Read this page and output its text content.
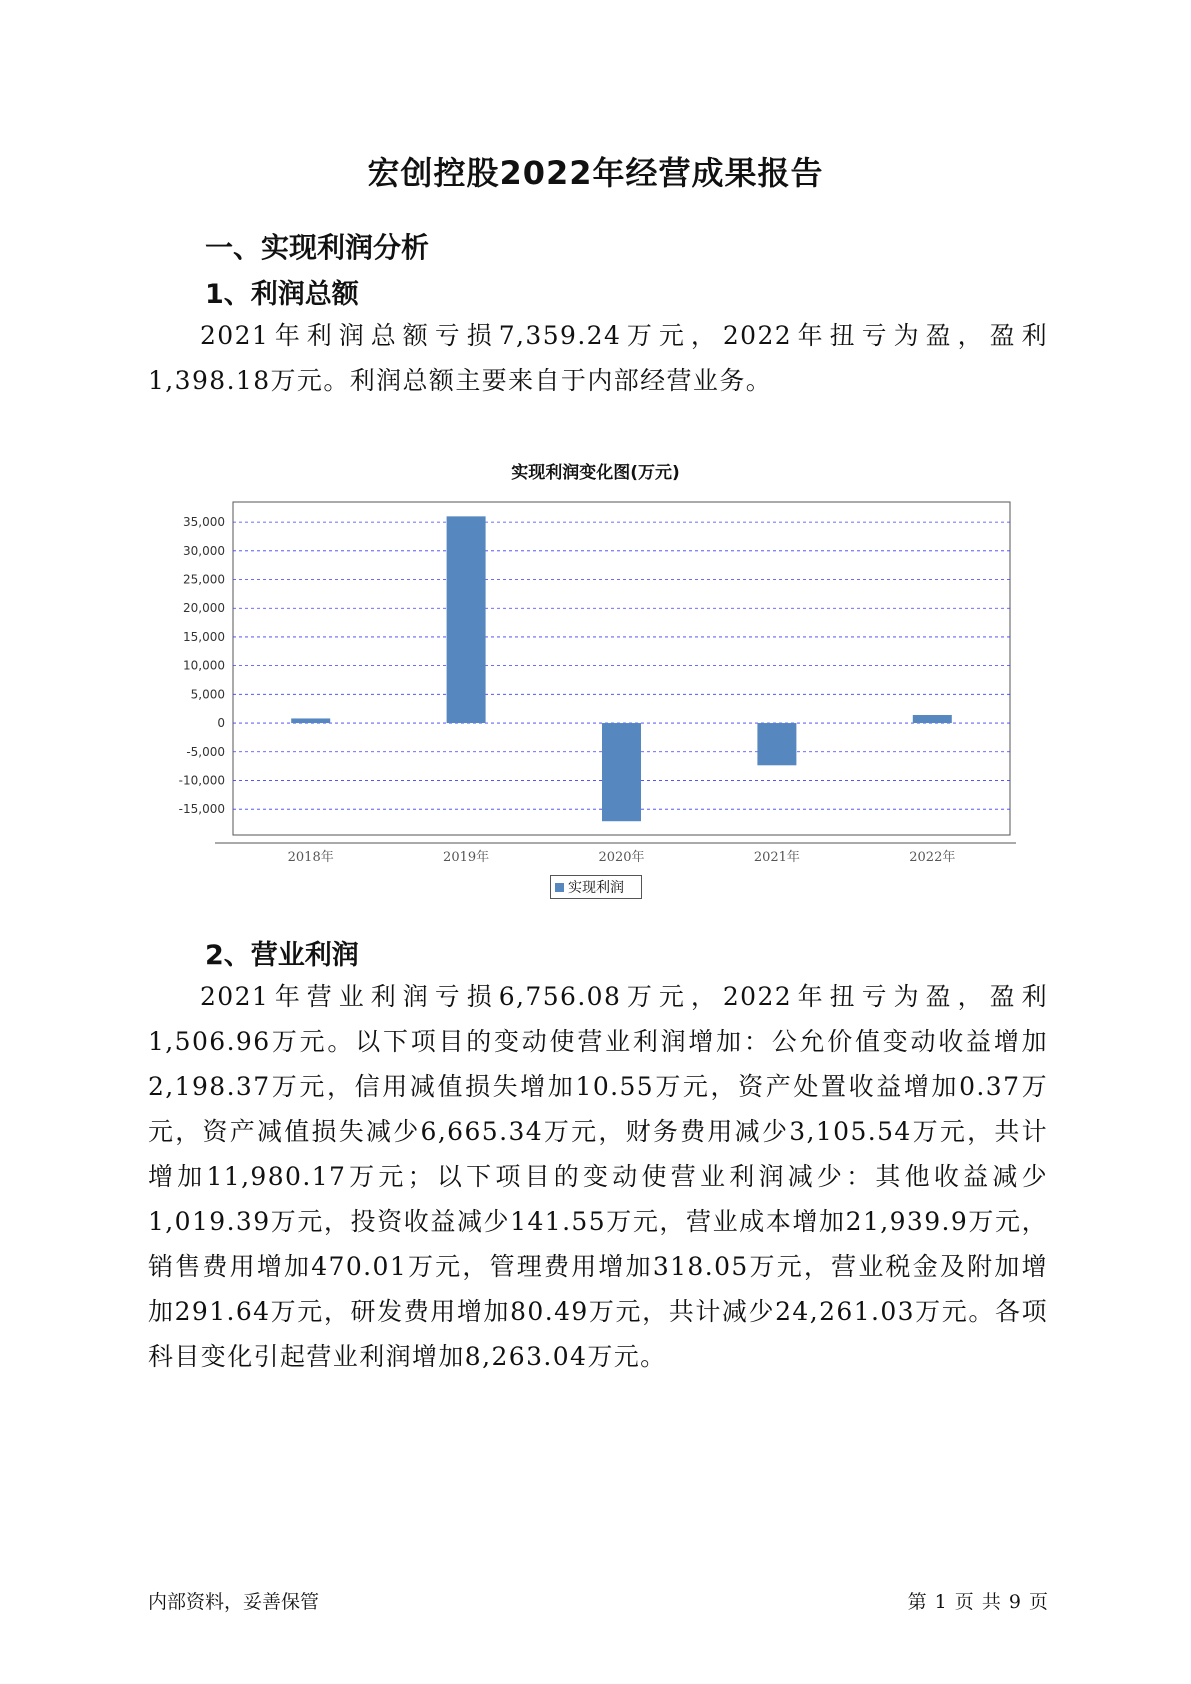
宏创控股2022年经营成果报告
一、实现利润分析
1、利润总额

2021年利润总额亏损7,359.24万元，2022年扭亏为盈，盈利1,398.18万元。利润总额主要来自于内部经营业务。

实现利润变化图(万元)
-15,000
-10,000
-5,000
0
5,000
10,000
15,000
20,000
25,000
30,000
35,000
2018年	2019年	2020年	2021年	2022年
实现利润
2、营业利润

2021年营业利润亏损6,756.08万元，2022年扭亏为盈，盈利1,506.96万元。以下项目的变动使营业利润增加：公允价值变动收益增加2,198.37万元，信用减值损失增加10.55万元，资产处置收益增加0.37万元，资产减值损失减少6,665.34万元，财务费用减少3,105.54万元，共计增加11,980.17万元；以下项目的变动使营业利润减少：其他收益减少1,019.39万元，投资收益减少141.55万元，营业成本增加21,939.9万元，销售费用增加470.01万元，管理费用增加318.05万元，营业税金及附加增加291.64万元，研发费用增加80.49万元，共计减少24,261.03万元。各项科目变化引起营业利润增加8,263.04万元。

内部资料，妥善保管	第 1 页 共 9 页
